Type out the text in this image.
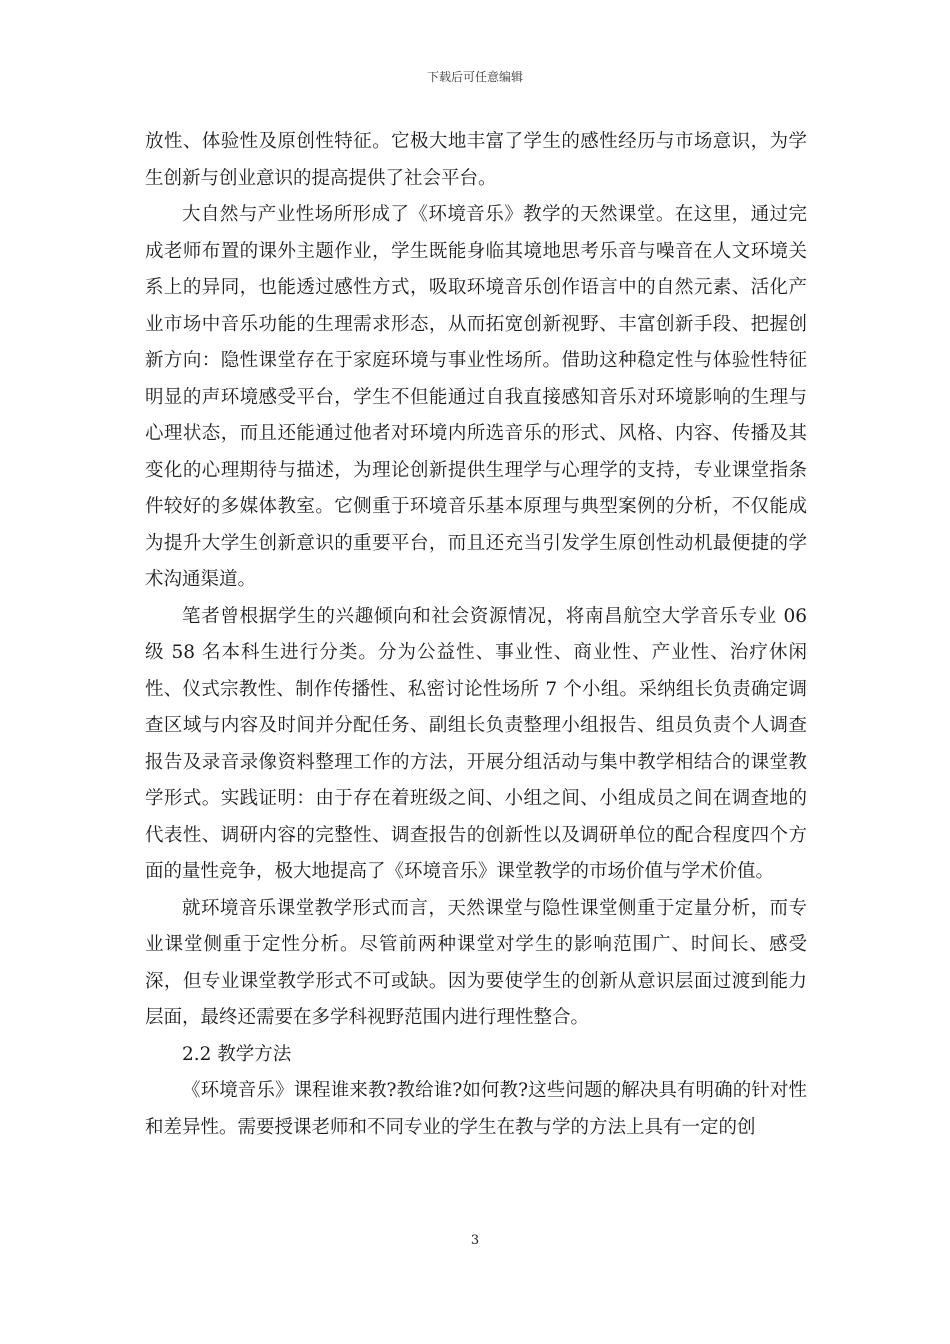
下载后可任意编辑

放性、体验性及原创性特征。它极大地丰富了学生的感性经历与市场意识，为学生创新与创业意识的提高提供了社会平台。

大自然与产业性场所形成了《环境音乐》教学的天然课堂。在这里，通过完成老师布置的课外主题作业，学生既能身临其境地思考乐音与噪音在人文环境关系上的异同，也能透过感性方式，吸取环境音乐创作语言中的自然元素、活化产业市场中音乐功能的生理需求形态，从而拓宽创新视野、丰富创新手段、把握创新方向：隐性课堂存在于家庭环境与事业性场所。借助这种稳定性与体验性特征明显的声环境感受平台，学生不但能通过自我直接感知音乐对环境影响的生理与心理状态，而且还能通过他者对环境内所选音乐的形式、风格、内容、传播及其变化的心理期待与描述，为理论创新提供生理学与心理学的支持，专业课堂指条件较好的多媒体教室。它侧重于环境音乐基本原理与典型案例的分析，不仅能成为提升大学生创新意识的重要平台，而且还充当引发学生原创性动机最便捷的学术沟通渠道。

笔者曾根据学生的兴趣倾向和社会资源情况，将南昌航空大学音乐专业 06 级 58 名本科生进行分类。分为公益性、事业性、商业性、产业性、治疗休闲性、仪式宗教性、制作传播性、私密讨论性场所 7 个小组。采纳组长负责确定调查区域与内容及时间并分配任务、副组长负责整理小组报告、组员负责个人调查报告及录音录像资料整理工作的方法，开展分组活动与集中教学相结合的课堂教学形式。实践证明：由于存在着班级之间、小组之间、小组成员之间在调查地的代表性、调研内容的完整性、调查报告的创新性以及调研单位的配合程度四个方面的量性竞争，极大地提高了《环境音乐》课堂教学的市场价值与学术价值。

就环境音乐课堂教学形式而言，天然课堂与隐性课堂侧重于定量分析，而专业课堂侧重于定性分析。尽管前两种课堂对学生的影响范围广、时间长、感受深，但专业课堂教学形式不可或缺。因为要使学生的创新从意识层面过渡到能力层面，最终还需要在多学科视野范围内进行理性整合。

2.2 教学方法

《环境音乐》课程谁来教?教给谁?如何教?这些问题的解决具有明确的针对性和差异性。需要授课老师和不同专业的学生在教与学的方法上具有一定的创

3
